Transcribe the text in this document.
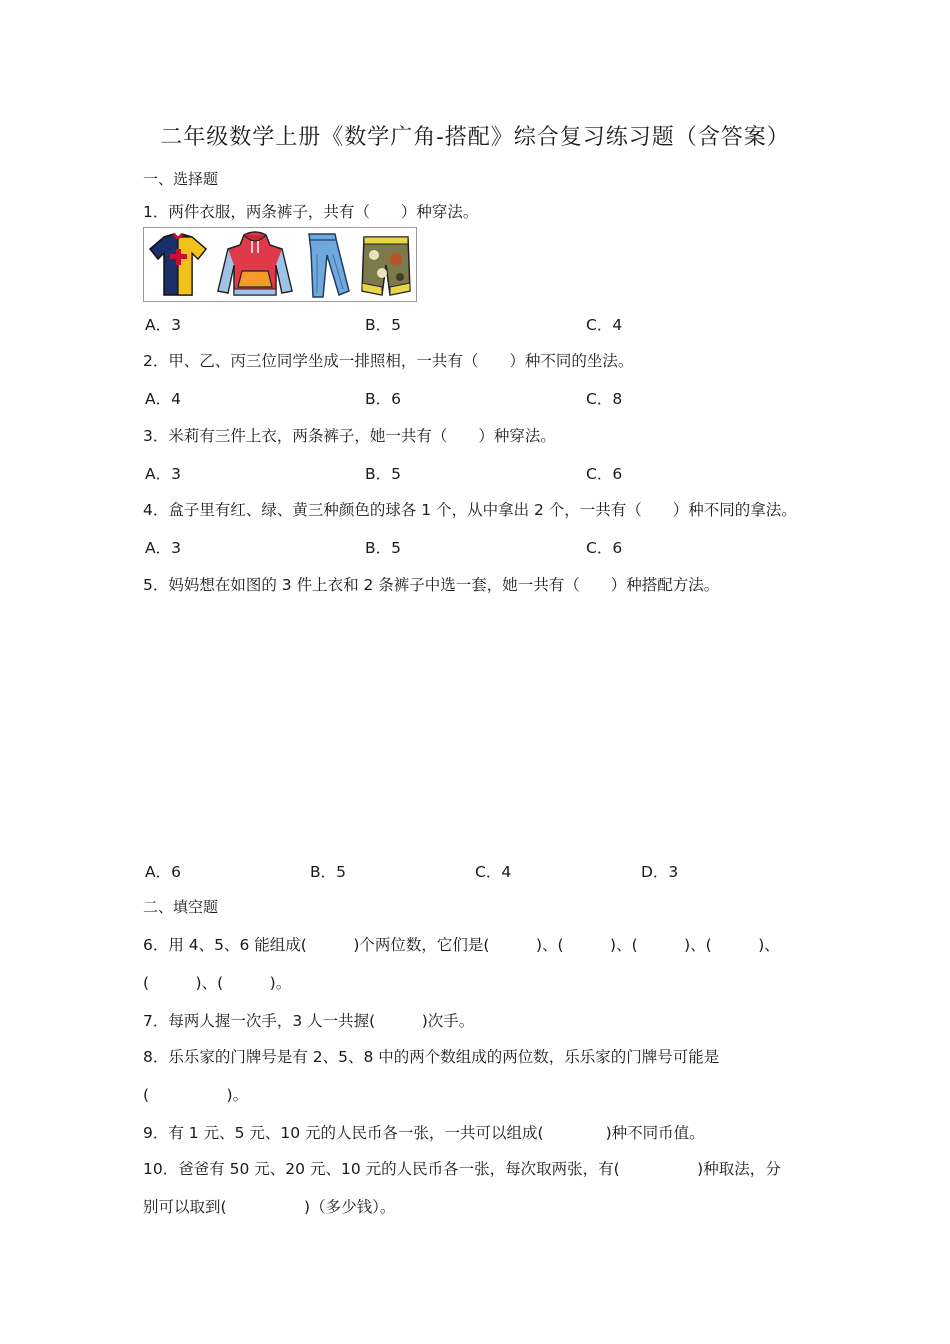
二年级数学上册《数学广角-搭配》综合复习练习题（含答案）
一、选择题
1．两件衣服，两条裤子，共有（　　）种穿法。
A．3	B．5	C．4
2．甲、乙、丙三位同学坐成一排照相，一共有（　　）种不同的坐法。
A．4	B．6	C．8
3．米莉有三件上衣，两条裤子，她一共有（　　）种穿法。
A．3	B．5	C．6
4．盒子里有红、绿、黄三种颜色的球各 1 个，从中拿出 2 个，一共有（　　）种不同的拿法。
A．3	B．5	C．6
5．妈妈想在如图的 3 件上衣和 2 条裤子中选一套，她一共有（　　）种搭配方法。
A．6	B．5	C．4	D．3
二、填空题
6．用 4、5、6 能组成(　　　)个两位数，它们是(　　　)、(　　　)、(　　　)、(　　　)、
(　　　)、(　　　)。
7．每两人握一次手，3 人一共握(　　　)次手。
8．乐乐家的门牌号是有 2、5、8 中的两个数组成的两位数，乐乐家的门牌号可能是
(　　　　　)。
9．有 1 元、5 元、10 元的人民币各一张，一共可以组成(　　　　)种不同币值。
10．爸爸有 50 元、20 元、10 元的人民币各一张，每次取两张，有(　　　　　)种取法，分
别可以取到(　　　　　)（多少钱）。
